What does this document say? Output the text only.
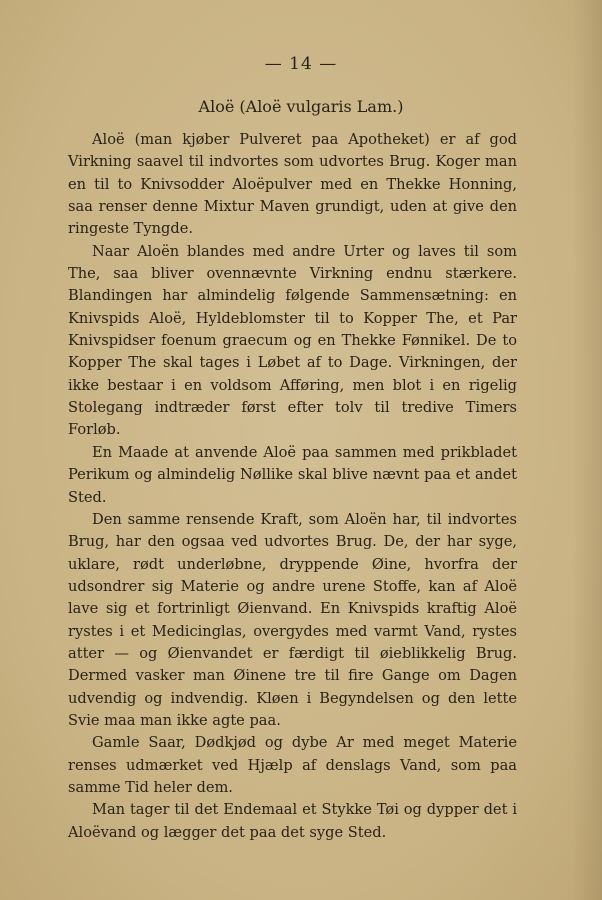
— 14 —
Aloë (Aloë vulgaris Lam.)

Aloë (man kjøber Pulveret paa Apotheket) er af god Virkning saavel til indvortes som udvortes Brug. Koger man en til to Knivsodder Aloëpulver med en Thekke Honning, saa renser denne Mixtur Maven grundigt, uden at give den ringeste Tyngde.

Naar Aloën blandes med andre Urter og laves til som The, saa bliver ovennævnte Virkning endnu stærkere. Blandingen har almindelig følgende Sammensætning: en Knivspids Aloë, Hyldeblomster til to Kopper The, et Par Knivspidser foenum graecum og en Thekke Fønnikel. De to Kopper The skal tages i Løbet af to Dage. Virkningen, der ikke bestaar i en voldsom Afføring, men blot i en rigelig Stolegang indtræder først efter tolv til tredive Timers Forløb.

En Maade at anvende Aloë paa sammen med prikbladet Perikum og almindelig Nøllike skal blive nævnt paa et andet Sted.

Den samme rensende Kraft, som Aloën har, til indvortes Brug, har den ogsaa ved udvortes Brug. De, der har syge, uklare, rødt underløbne, dryppende Øine, hvorfra der udsondrer sig Materie og andre urene Stoffe, kan af Aloë lave sig et fortrinligt Øienvand. En Knivspids kraftig Aloë rystes i et Medicinglas, overgydes med varmt Vand, rystes atter — og Øienvandet er færdigt til øieblikkelig Brug. Dermed vasker man Øinene tre til fire Gange om Dagen udvendig og indvendig. Kløen i Begyndelsen og den lette Svie maa man ikke agte paa.

Gamle Saar, Dødkjød og dybe Ar med meget Materie renses udmærket ved Hjælp af denslags Vand, som paa samme Tid heler dem.

Man tager til det Endemaal et Stykke Tøi og dypper det i Aloëvand og lægger det paa det syge Sted.
